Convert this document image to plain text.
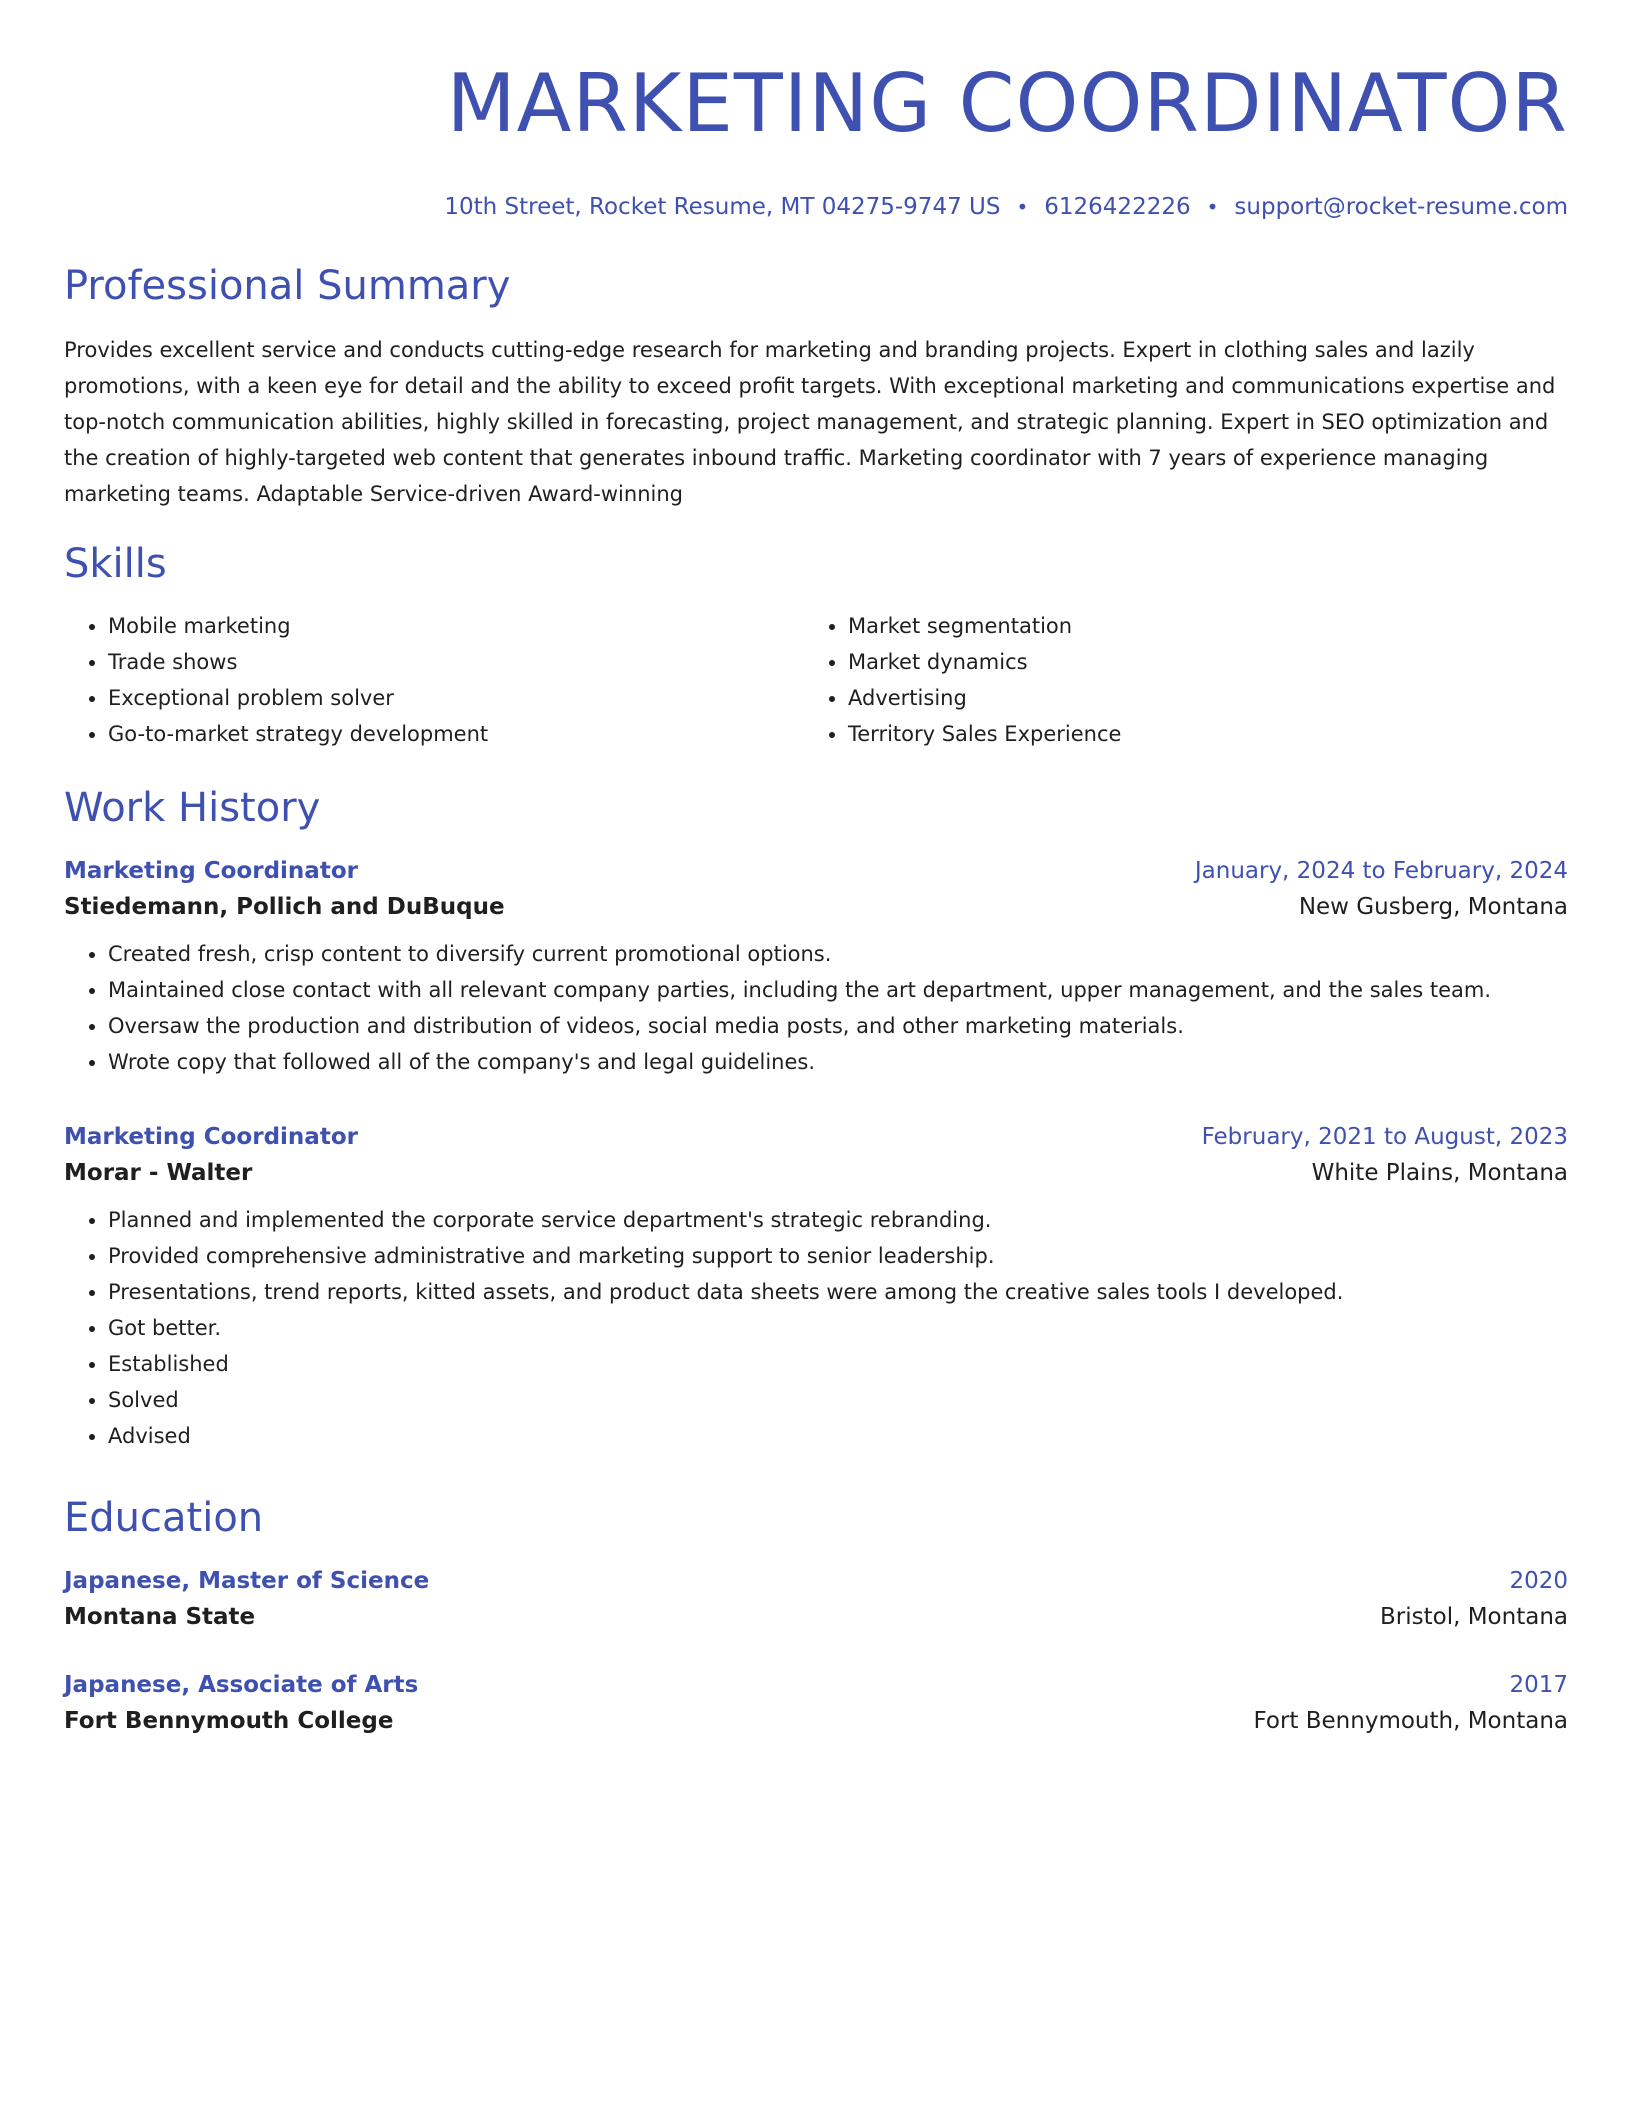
MARKETING COORDINATOR
10th Street, Rocket Resume, MT 04275-9747 US • 6126422226 • support@rocket-resume.com
Professional Summary
Provides excellent service and conducts cutting-edge research for marketing and branding projects. Expert in clothing sales and lazily promotions, with a keen eye for detail and the ability to exceed profit targets. With exceptional marketing and communications expertise and top-notch communication abilities, highly skilled in forecasting, project management, and strategic planning. Expert in SEO optimization and the creation of highly-targeted web content that generates inbound traffic. Marketing coordinator with 7 years of experience managing marketing teams. Adaptable Service-driven Award-winning
Skills
• Mobile marketing
• Trade shows
• Exceptional problem solver
• Go-to-market strategy development
• Market segmentation
• Market dynamics
• Advertising
• Territory Sales Experience
Work History
Marketing Coordinator	January, 2024 to February, 2024
Stiedemann, Pollich and DuBuque	New Gusberg, Montana
• Created fresh, crisp content to diversify current promotional options.
• Maintained close contact with all relevant company parties, including the art department, upper management, and the sales team.
• Oversaw the production and distribution of videos, social media posts, and other marketing materials.
• Wrote copy that followed all of the company's and legal guidelines.
Marketing Coordinator	February, 2021 to August, 2023
Morar - Walter	White Plains, Montana
• Planned and implemented the corporate service department's strategic rebranding.
• Provided comprehensive administrative and marketing support to senior leadership.
• Presentations, trend reports, kitted assets, and product data sheets were among the creative sales tools I developed.
• Got better.
• Established
• Solved
• Advised
Education
Japanese, Master of Science	2020
Montana State	Bristol, Montana
Japanese, Associate of Arts	2017
Fort Bennymouth College	Fort Bennymouth, Montana
